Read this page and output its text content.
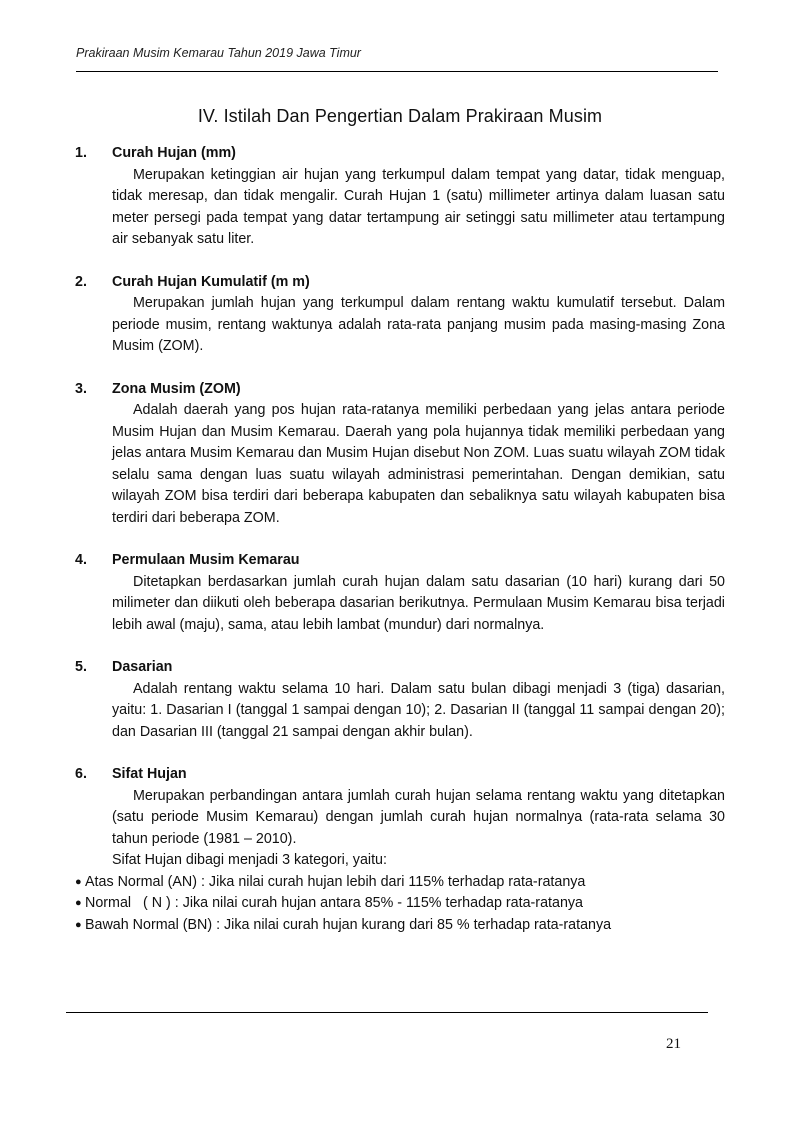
Prakiraan Musim Kemarau Tahun 2019 Jawa Timur
IV. Istilah Dan Pengertian Dalam Prakiraan Musim
1.	Curah Hujan (mm)
Merupakan ketinggian air hujan yang terkumpul dalam tempat yang datar, tidak menguap, tidak meresap, dan tidak mengalir. Curah Hujan 1 (satu) millimeter artinya dalam luasan satu meter persegi pada tempat yang datar tertampung air setinggi satu millimeter atau tertampung air sebanyak satu liter.
2.	Curah Hujan Kumulatif (m m)
Merupakan jumlah hujan yang terkumpul dalam rentang waktu kumulatif tersebut. Dalam periode musim, rentang waktunya adalah rata-rata panjang musim pada masing-masing Zona Musim (ZOM).
3.	Zona Musim (ZOM)
Adalah daerah yang pos hujan rata-ratanya memiliki perbedaan yang jelas antara periode Musim Hujan dan Musim Kemarau. Daerah yang pola hujannya tidak memiliki perbedaan yang jelas antara Musim Kemarau dan Musim Hujan disebut Non ZOM. Luas suatu wilayah ZOM tidak selalu sama dengan luas suatu wilayah administrasi pemerintahan. Dengan demikian, satu wilayah ZOM bisa terdiri dari beberapa kabupaten dan sebaliknya satu wilayah kabupaten bisa terdiri dari beberapa ZOM.
4.	Permulaan Musim Kemarau
Ditetapkan berdasarkan jumlah curah hujan dalam satu dasarian (10 hari) kurang dari 50 milimeter dan diikuti oleh beberapa dasarian berikutnya. Permulaan Musim Kemarau bisa terjadi lebih awal (maju), sama, atau lebih lambat (mundur) dari normalnya.
5.	Dasarian
Adalah rentang waktu selama 10 hari. Dalam satu bulan dibagi menjadi 3 (tiga) dasarian, yaitu: 1. Dasarian I (tanggal 1 sampai dengan 10); 2. Dasarian II (tanggal 11 sampai dengan 20); dan Dasarian III (tanggal 21 sampai dengan akhir bulan).
6.	Sifat Hujan
Merupakan perbandingan antara jumlah curah hujan selama rentang waktu yang ditetapkan (satu periode Musim Kemarau) dengan jumlah curah hujan normalnya (rata-rata selama 30 tahun periode (1981 – 2010).
Sifat Hujan dibagi menjadi 3 kategori, yaitu:
● Atas Normal (AN) : Jika nilai curah hujan lebih dari 115% terhadap rata-ratanya
● Normal   ( N ) : Jika nilai curah hujan antara 85% - 115% terhadap rata-ratanya
● Bawah Normal (BN) : Jika nilai curah hujan kurang dari 85 % terhadap rata-ratanya
21
